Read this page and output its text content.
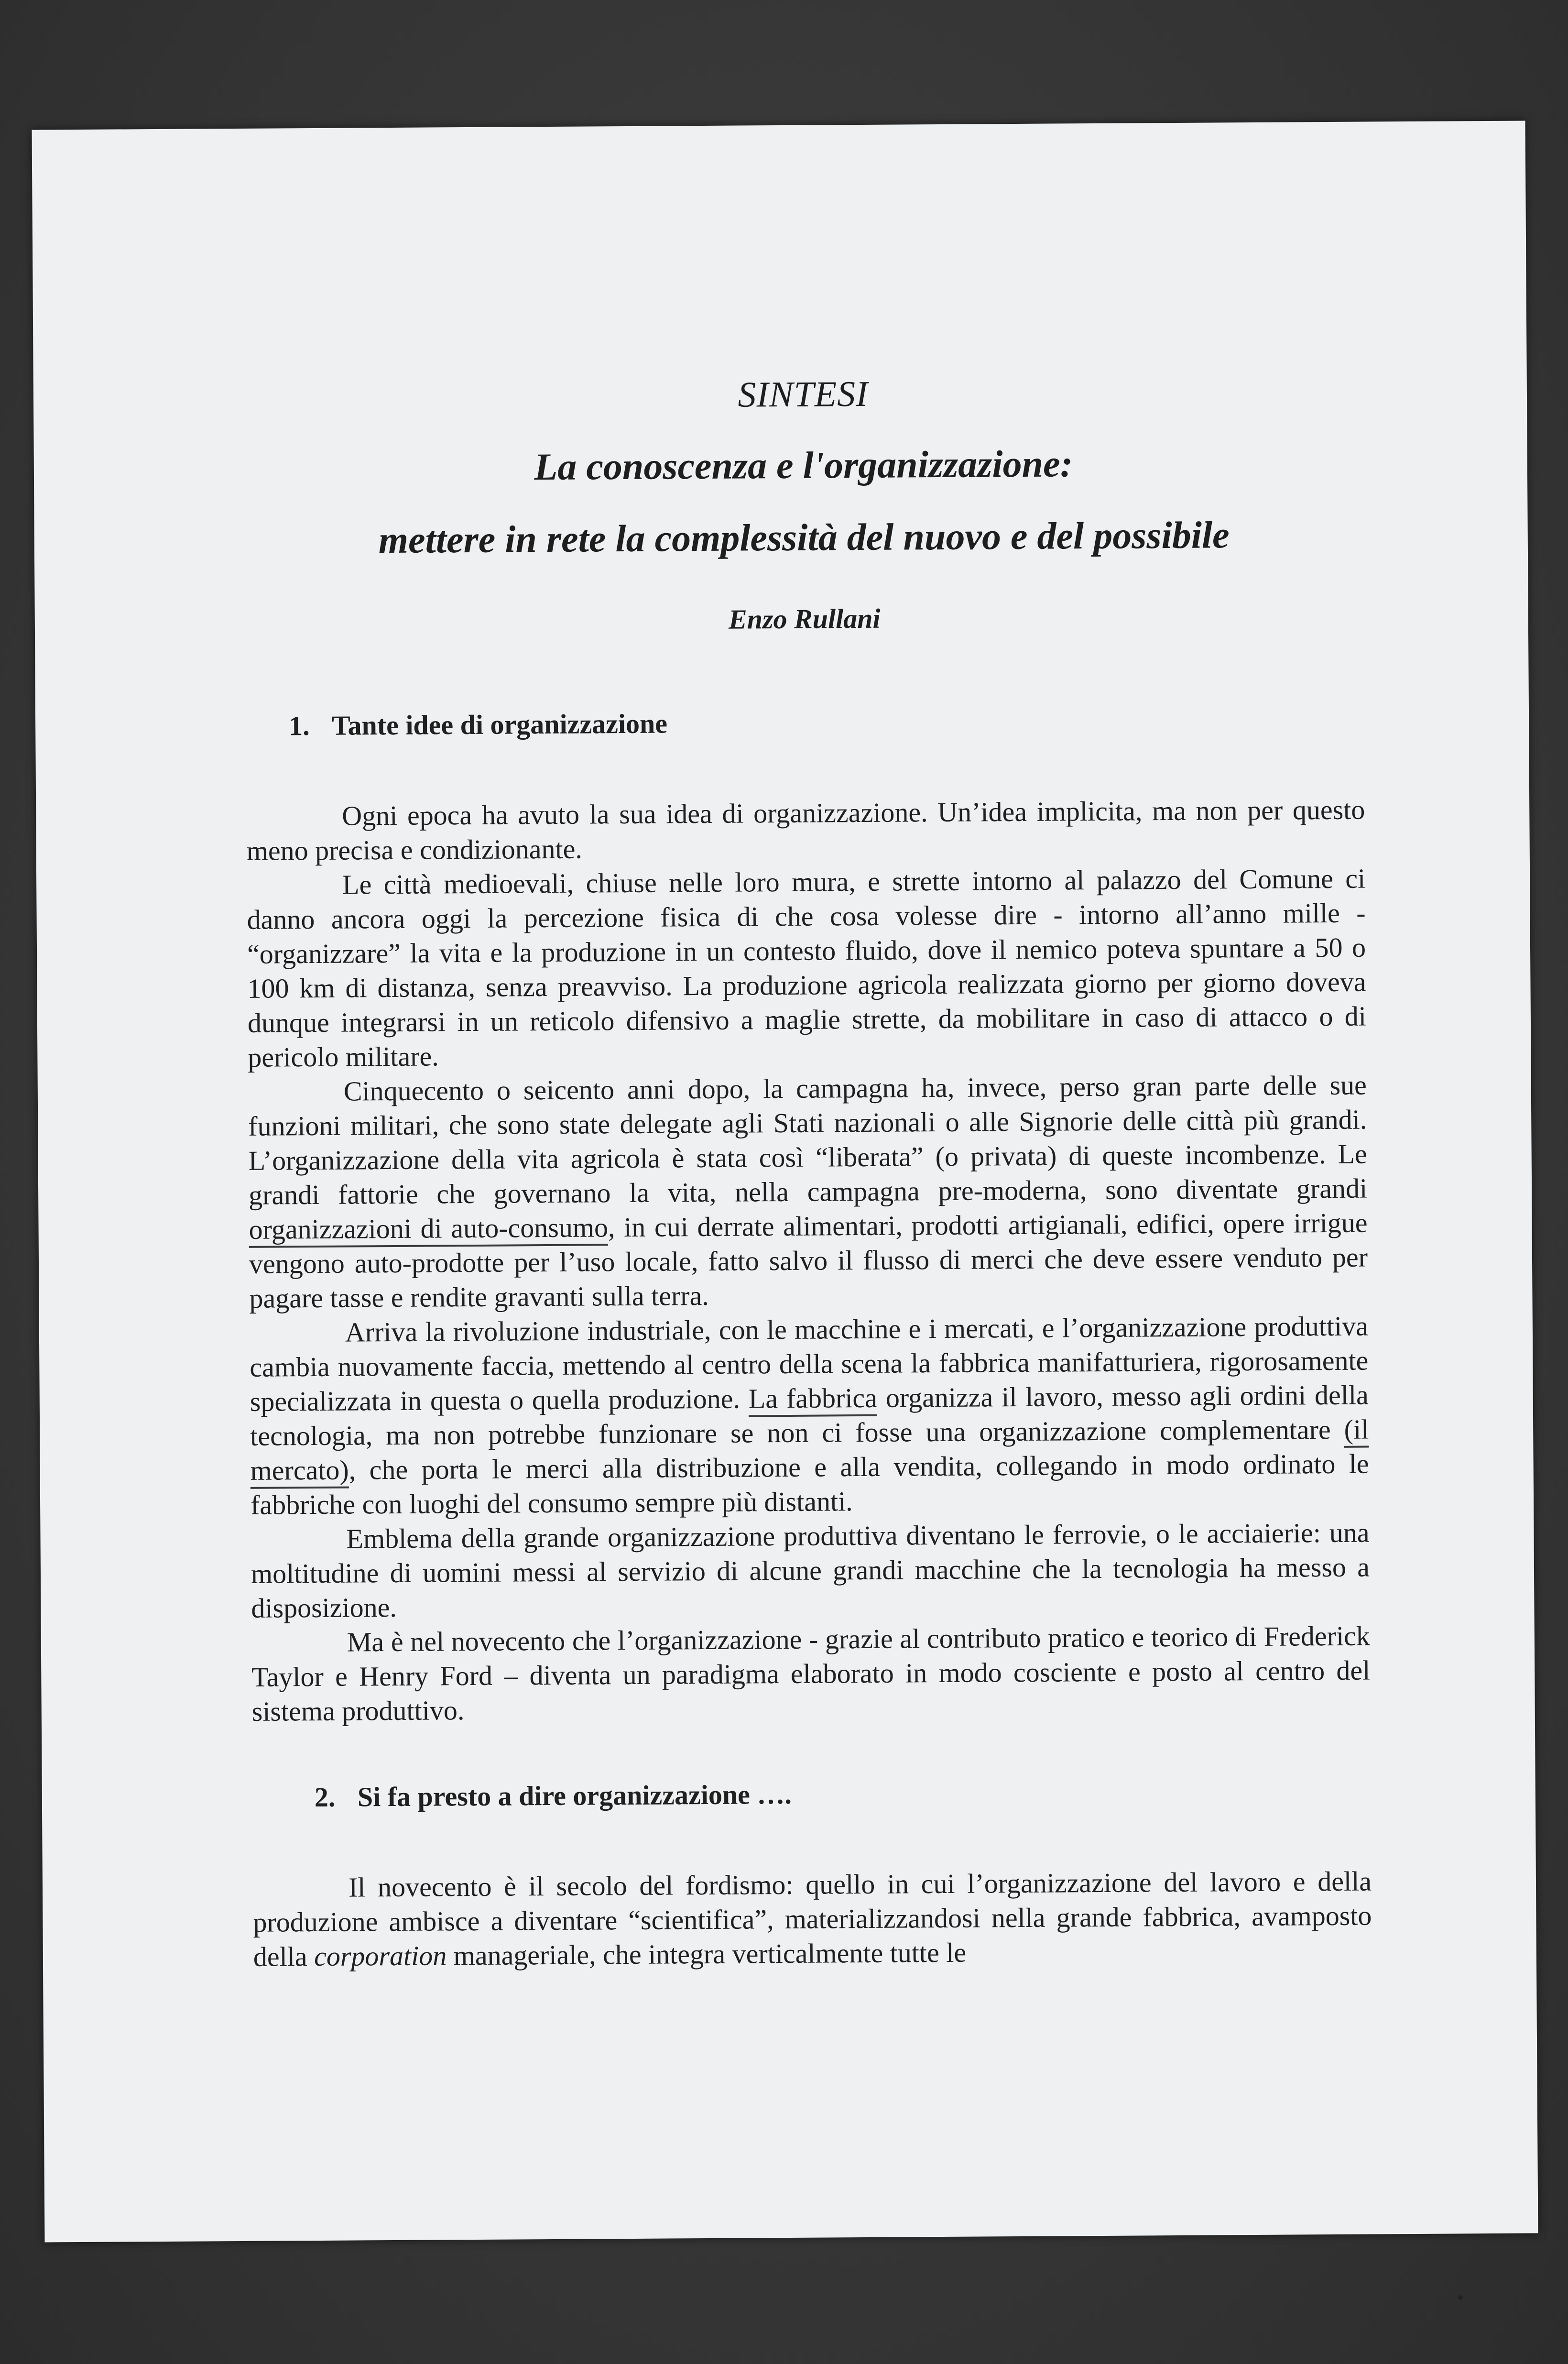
SINTESI
La conoscenza e l'organizzazione:
mettere in rete la complessità del nuovo e del possibile
Enzo Rullani
1. Tante idee di organizzazione

Ogni epoca ha avuto la sua idea di organizzazione. Un’idea implicita, ma non per questo meno precisa e condizionante.

Le città medioevali, chiuse nelle loro mura, e strette intorno al palazzo del Comune ci danno ancora oggi la percezione fisica di che cosa volesse dire - intorno all’anno mille - “organizzare” la vita e la produzione in un contesto fluido, dove il nemico poteva spuntare a 50 o 100 km di distanza, senza preavviso. La produzione agricola realizzata giorno per giorno doveva dunque integrarsi in un reticolo difensivo a maglie strette, da mobilitare in caso di attacco o di pericolo militare.

Cinquecento o seicento anni dopo, la campagna ha, invece, perso gran parte delle sue funzioni militari, che sono state delegate agli Stati nazionali o alle Signorie delle città più grandi. L’organizzazione della vita agricola è stata così “liberata” (o privata) di queste incombenze. Le grandi fattorie che governano la vita, nella campagna pre-moderna, sono diventate grandi organizzazioni di auto-consumo, in cui derrate alimentari, prodotti artigianali, edifici, opere irrigue vengono auto-prodotte per l’uso locale, fatto salvo il flusso di merci che deve essere venduto per pagare tasse e rendite gravanti sulla terra.

Arriva la rivoluzione industriale, con le macchine e i mercati, e l’organizzazione produttiva cambia nuovamente faccia, mettendo al centro della scena la fabbrica manifatturiera, rigorosamente specializzata in questa o quella produzione. La fabbrica organizza il lavoro, messo agli ordini della tecnologia, ma non potrebbe funzionare se non ci fosse una organizzazione complementare (il mercato), che porta le merci alla distribuzione e alla vendita, collegando in modo ordinato le fabbriche con luoghi del consumo sempre più distanti.

Emblema della grande organizzazione produttiva diventano le ferrovie, o le acciaierie: una moltitudine di uomini messi al servizio di alcune grandi macchine che la tecnologia ha messo a disposizione.

Ma è nel novecento che l’organizzazione - grazie al contributo pratico e teorico di Frederick Taylor e Henry Ford – diventa un paradigma elaborato in modo cosciente e posto al centro del sistema produttivo.

2. Si fa presto a dire organizzazione ….

Il novecento è il secolo del fordismo: quello in cui l’organizzazione del lavoro e della produzione ambisce a diventare “scientifica”, materializzandosi nella grande fabbrica, avamposto della corporation manageriale, che integra verticalmente tutte le
